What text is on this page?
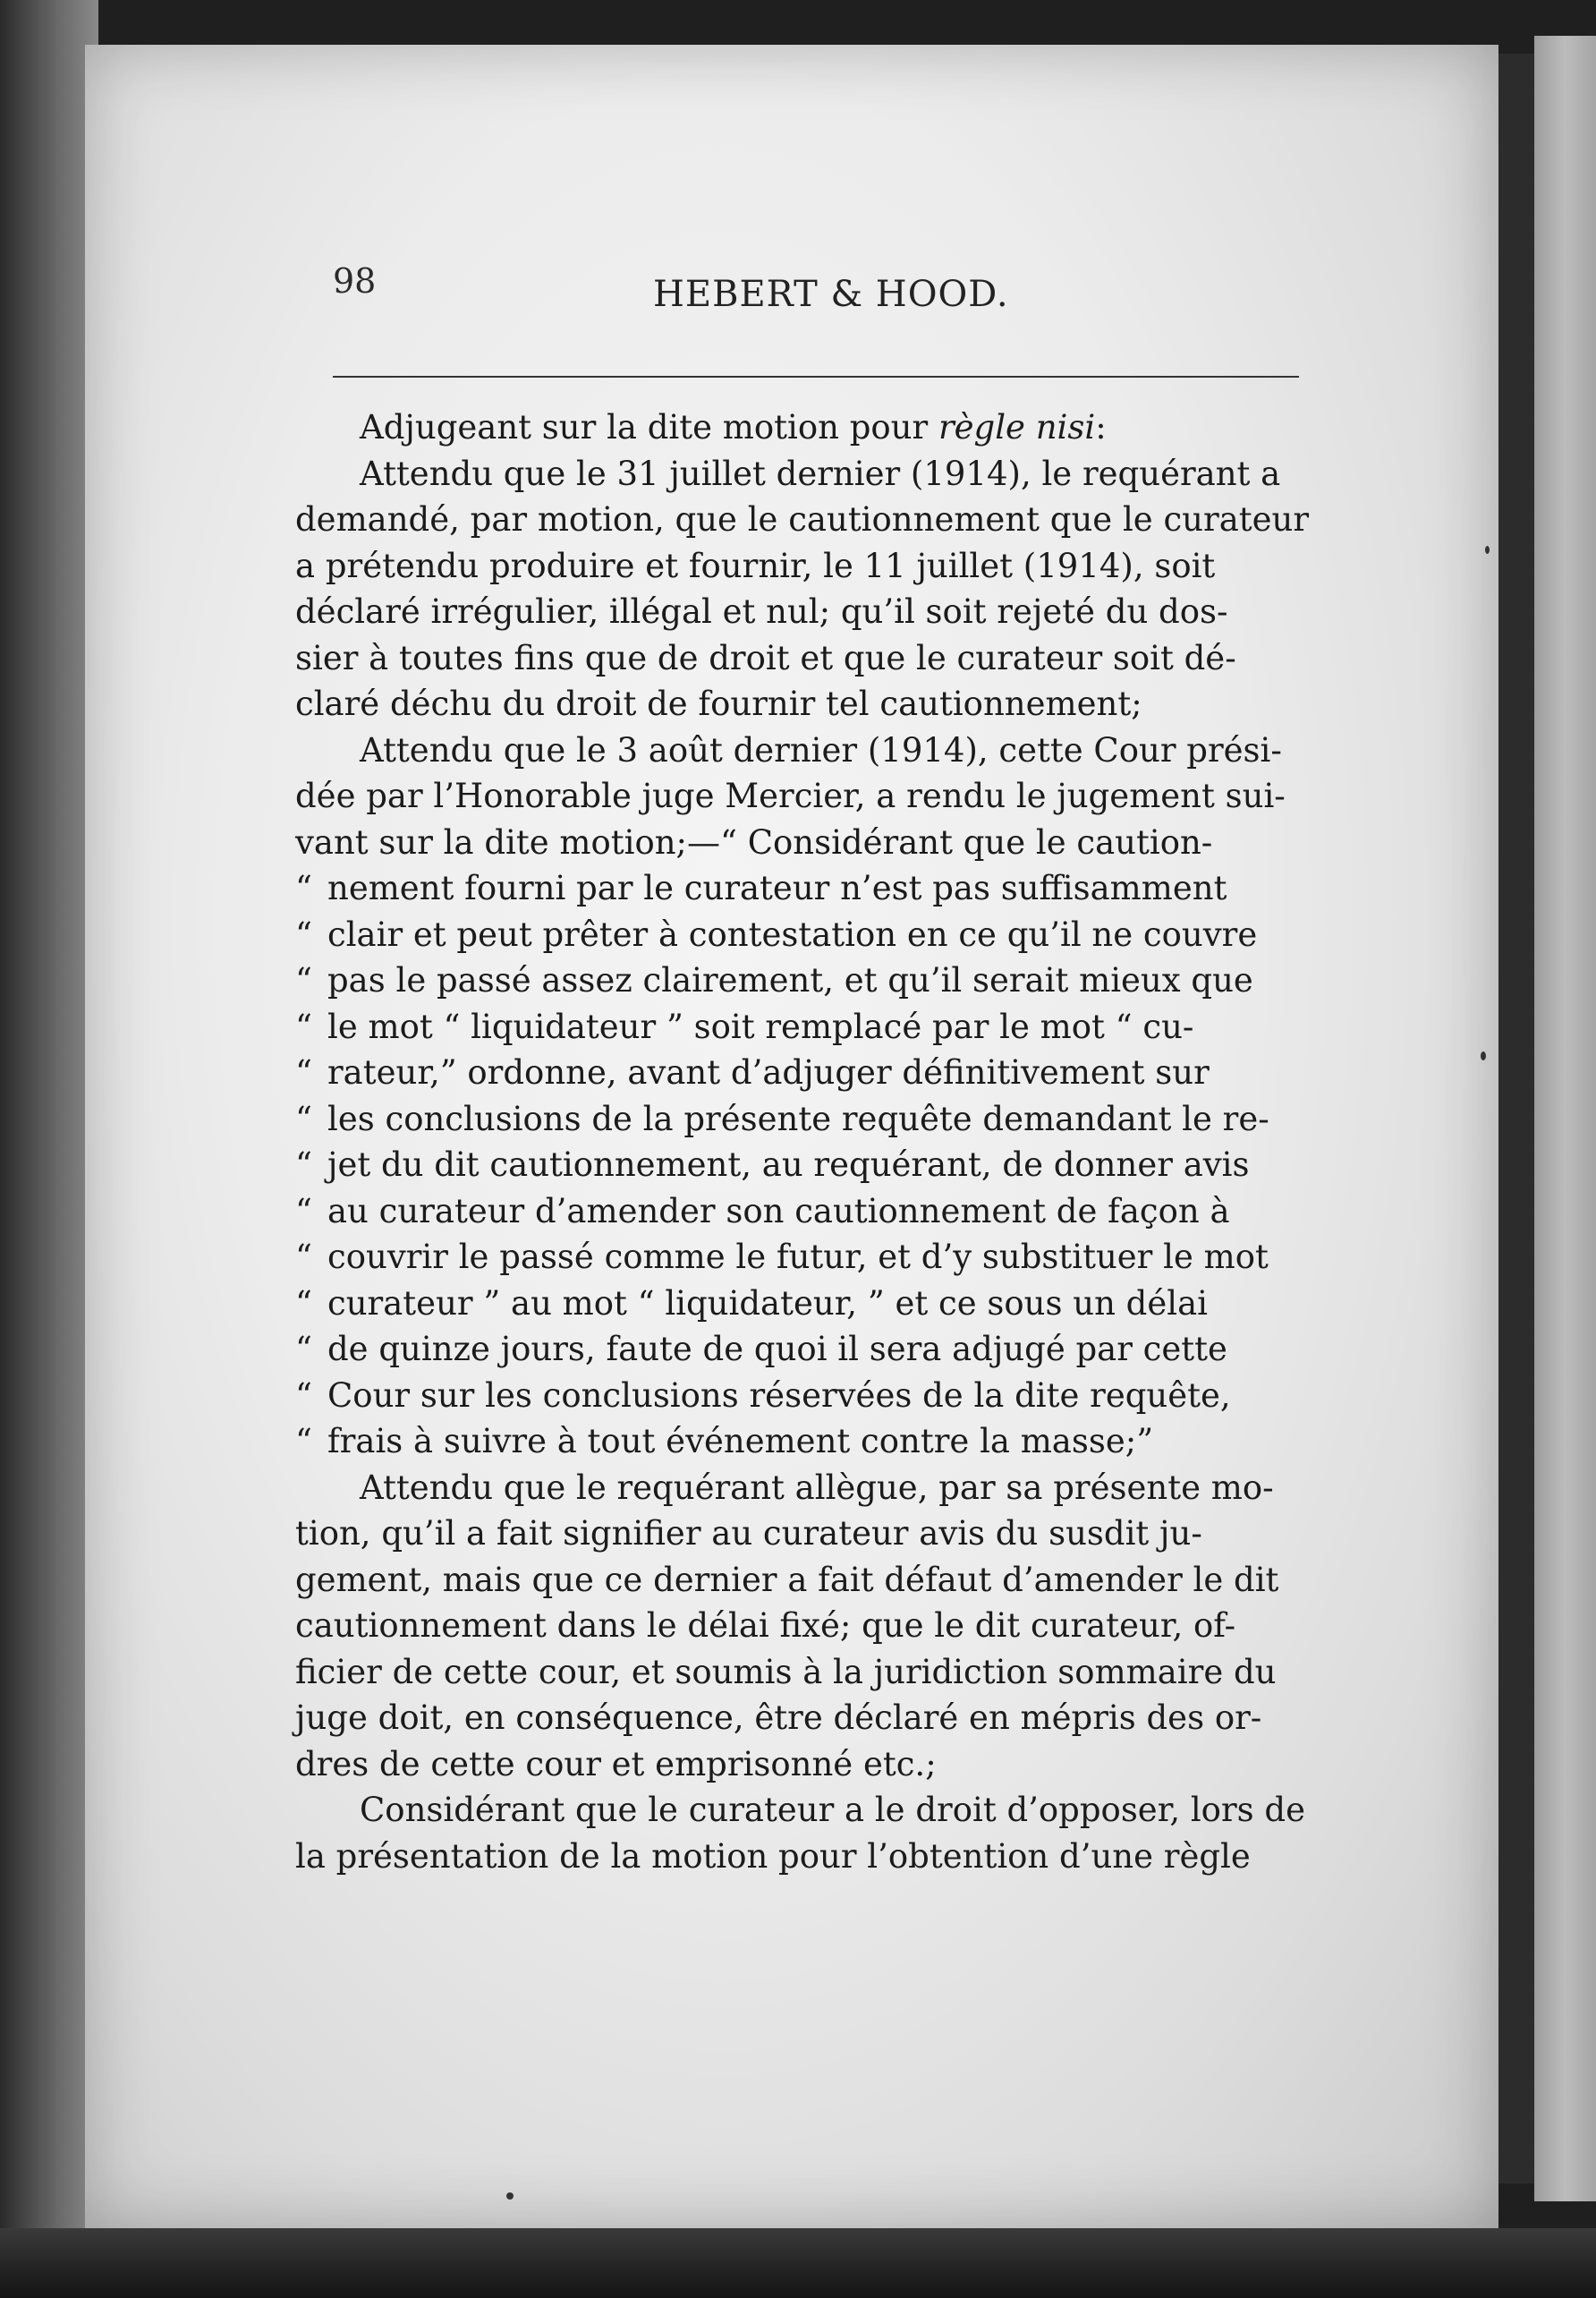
98	HEBERT & HOOD.
Adjugeant sur la dite motion pour règle nisi:
Attendu que le 31 juillet dernier (1914), le requérant a
demandé, par motion, que le cautionnement que le curateur
a prétendu produire et fournir, le 11 juillet (1914), soit
déclaré irrégulier, illégal et nul; qu’il soit rejeté du dos-
sier à toutes fins que de droit et que le curateur soit dé-
claré déchu du droit de fournir tel cautionnement;
Attendu que le 3 août dernier (1914), cette Cour prési-
dée par l’Honorable juge Mercier, a rendu le jugement sui-
vant sur la dite motion;—“ Considérant que le caution-
“ nement fourni par le curateur n’est pas suffisamment
“ clair et peut prêter à contestation en ce qu’il ne couvre
“ pas le passé assez clairement, et qu’il serait mieux que
“ le mot “ liquidateur ” soit remplacé par le mot “ cu-
“ rateur,” ordonne, avant d’adjuger définitivement sur
“ les conclusions de la présente requête demandant le re-
“ jet du dit cautionnement, au requérant, de donner avis
“ au curateur d’amender son cautionnement de façon à
“ couvrir le passé comme le futur, et d’y substituer le mot
“ curateur ” au mot “ liquidateur, ” et ce sous un délai
“ de quinze jours, faute de quoi il sera adjugé par cette
“ Cour sur les conclusions réservées de la dite requête,
“ frais à suivre à tout événement contre la masse;”
Attendu que le requérant allègue, par sa présente mo-
tion, qu’il a fait signifier au curateur avis du susdit ju-
gement, mais que ce dernier a fait défaut d’amender le dit
cautionnement dans le délai fixé; que le dit curateur, of-
ficier de cette cour, et soumis à la juridiction sommaire du
juge doit, en conséquence, être déclaré en mépris des or-
dres de cette cour et emprisonné etc.;
Considérant que le curateur a le droit d’opposer, lors de
la présentation de la motion pour l’obtention d’une règle
